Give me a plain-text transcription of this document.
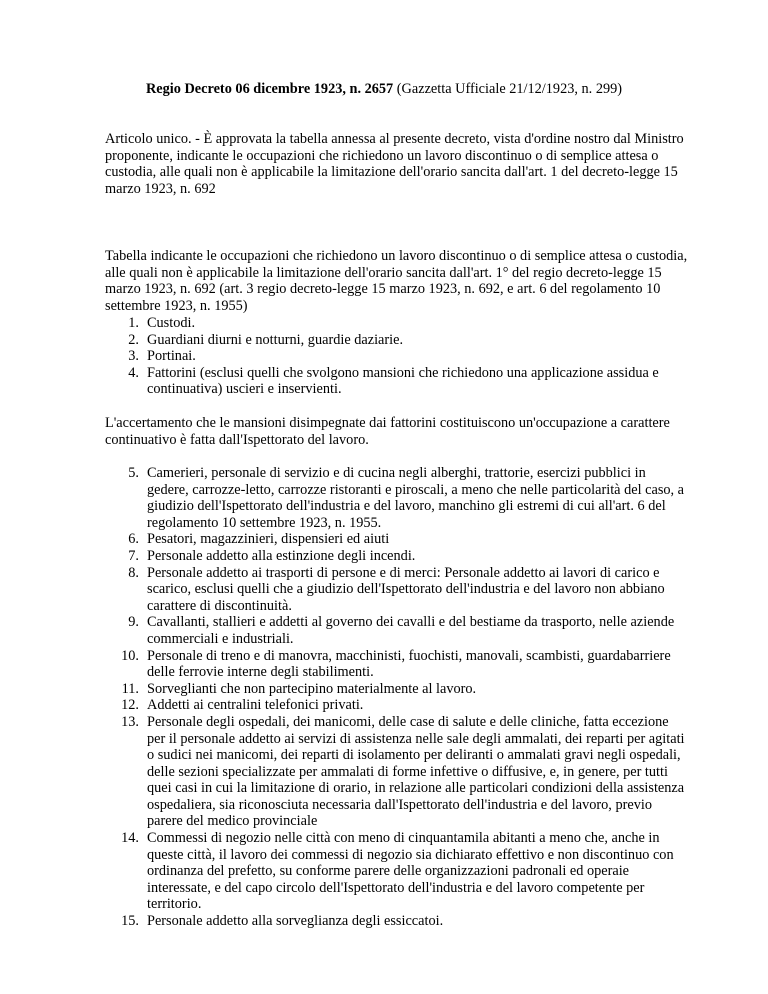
Regio Decreto 06 dicembre 1923, n. 2657 (Gazzetta Ufficiale 21/12/1923, n. 299)

Articolo unico. - È approvata la tabella annessa al presente decreto, vista d'ordine nostro dal Ministro proponente, indicante le occupazioni che richiedono un lavoro discontinuo o di semplice attesa o custodia, alle quali non è applicabile la limitazione dell'orario sancita dall'art. 1 del decreto-legge 15 marzo 1923, n. 692

Tabella indicante le occupazioni che richiedono un lavoro discontinuo o di semplice attesa o custodia, alle quali non è applicabile la limitazione dell'orario sancita dall'art. 1° del regio decreto-legge 15 marzo 1923, n. 692 (art. 3 regio decreto-legge 15 marzo 1923, n. 692, e art. 6 del regolamento 10 settembre 1923, n. 1955)

1. Custodi.
2. Guardiani diurni e notturni, guardie daziarie.
3. Portinai.
4. Fattorini (esclusi quelli che svolgono mansioni che richiedono una applicazione assidua e continuativa) uscieri e inservienti.

L'accertamento che le mansioni disimpegnate dai fattorini costituiscono un'occupazione a carattere continuativo è fatta dall'Ispettorato del lavoro.

5. Camerieri, personale di servizio e di cucina negli alberghi, trattorie, esercizi pubblici in gedere, carrozze-letto, carrozze ristoranti e piroscali, a meno che nelle particolarità del caso, a giudizio dell'Ispettorato dell'industria e del lavoro, manchino gli estremi di cui all'art. 6 del regolamento 10 settembre 1923, n. 1955.
6. Pesatori, magazzinieri, dispensieri ed aiuti
7. Personale addetto alla estinzione degli incendi.
8. Personale addetto ai trasporti di persone e di merci: Personale addetto ai lavori di carico e scarico, esclusi quelli che a giudizio dell'Ispettorato dell'industria e del lavoro non abbiano carattere di discontinuità.
9. Cavallanti, stallieri e addetti al governo dei cavalli e del bestiame da trasporto, nelle aziende commerciali e industriali.
10. Personale di treno e di manovra, macchinisti, fuochisti, manovali, scambisti, guardabarriere delle ferrovie interne degli stabilimenti.
11. Sorveglianti che non partecipino materialmente al lavoro.
12. Addetti ai centralini telefonici privati.
13. Personale degli ospedali, dei manicomi, delle case di salute e delle cliniche, fatta eccezione per il personale addetto ai servizi di assistenza nelle sale degli ammalati, dei reparti per agitati o sudici nei manicomi, dei reparti di isolamento per deliranti o ammalati gravi negli ospedali, delle sezioni specializzate per ammalati di forme infettive o diffusive, e, in genere, per tutti quei casi in cui la limitazione di orario, in relazione alle particolari condizioni della assistenza ospedaliera, sia riconosciuta necessaria dall'Ispettorato dell'industria e del lavoro, previo parere del medico provinciale
14. Commessi di negozio nelle città con meno di cinquantamila abitanti a meno che, anche in queste città, il lavoro dei commessi di negozio sia dichiarato effettivo e non discontinuo con ordinanza del prefetto, su conforme parere delle organizzazioni padronali ed operaie interessate, e del capo circolo dell'Ispettorato dell'industria e del lavoro competente per territorio.
15. Personale addetto alla sorveglianza degli essiccatoi.
